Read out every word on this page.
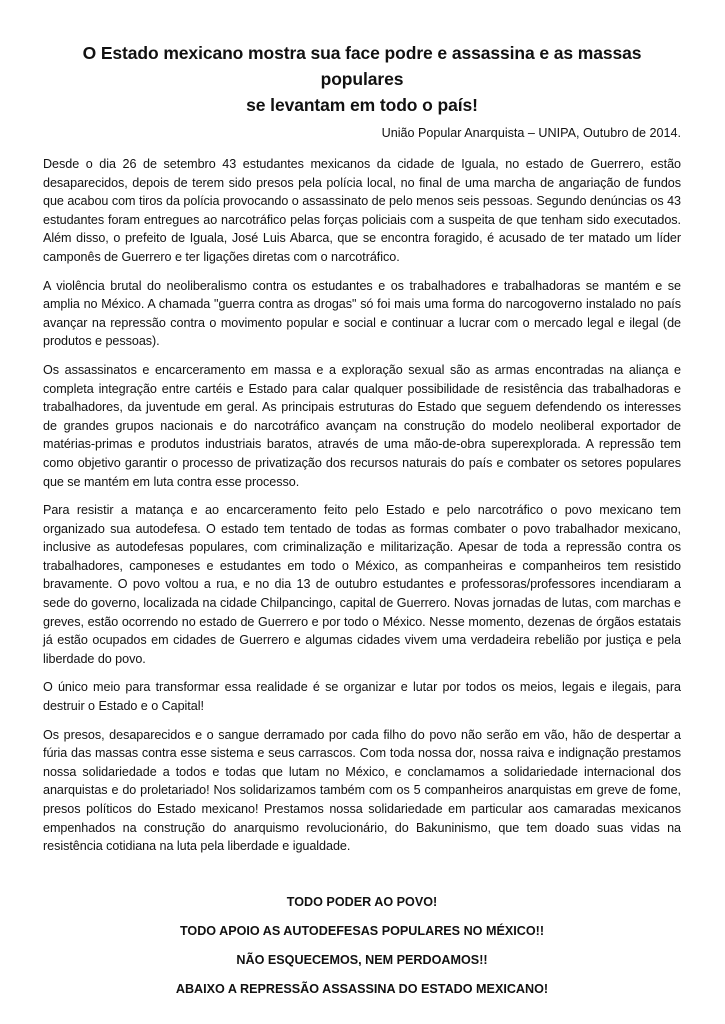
O Estado mexicano mostra sua face podre e assassina e as massas populares
se levantam em todo o país!

União Popular Anarquista – UNIPA, Outubro de 2014.

Desde o dia 26 de setembro 43 estudantes mexicanos da cidade de Iguala, no estado de Guerrero, estão desaparecidos, depois de terem sido presos pela polícia local, no final de uma marcha de angariação de fundos que acabou com tiros da polícia provocando o assassinato de pelo menos seis pessoas. Segundo denúncias os 43 estudantes foram entregues ao narcotráfico pelas forças policiais com a suspeita de que tenham sido executados. Além disso, o prefeito de Iguala, José Luis Abarca, que se encontra foragido, é acusado de ter matado um líder camponês de Guerrero e ter ligações diretas com o narcotráfico.

A violência brutal do neoliberalismo contra os estudantes e os trabalhadores e trabalhadoras se mantém e se amplia no México. A chamada "guerra contra as drogas" só foi mais uma forma do narcogoverno instalado no país avançar na repressão contra o movimento popular e social e continuar a lucrar com o mercado legal e ilegal (de produtos e pessoas).

Os assassinatos e encarceramento em massa e a exploração sexual são as armas encontradas na aliança e completa integração entre cartéis e Estado para calar qualquer possibilidade de resistência das trabalhadoras e trabalhadores, da juventude em geral. As principais estruturas do Estado que seguem defendendo os interesses de grandes grupos nacionais e do narcotráfico avançam na construção do modelo neoliberal exportador de matérias-primas e produtos industriais baratos, através de uma mão-de-obra superexplorada. A repressão tem como objetivo garantir o processo de privatização dos recursos naturais do país e combater os setores populares que se mantém em luta contra esse processo.

Para resistir a matança e ao encarceramento feito pelo Estado e pelo narcotráfico o povo mexicano tem organizado sua autodefesa. O estado tem tentado de todas as formas combater o povo trabalhador mexicano, inclusive as autodefesas populares, com criminalização e militarização. Apesar de toda a repressão contra os trabalhadores, camponeses e estudantes em todo o México, as companheiras e companheiros tem resistido bravamente. O povo voltou a rua, e no dia 13 de outubro estudantes e professoras/professores incendiaram a sede do governo, localizada na cidade Chilpancingo, capital de Guerrero. Novas jornadas de lutas, com marchas e greves, estão ocorrendo no estado de Guerrero e por todo o México. Nesse momento, dezenas de órgãos estatais já estão ocupados em cidades de Guerrero e algumas cidades vivem uma verdadeira rebelião por justiça e pela liberdade do povo.

O único meio para transformar essa realidade é se organizar e lutar por todos os meios, legais e ilegais, para destruir o Estado e o Capital!

Os presos, desaparecidos e o sangue derramado por cada filho do povo não serão em vão, hão de despertar a fúria das massas contra esse sistema e seus carrascos. Com toda nossa dor, nossa raiva e indignação prestamos nossa solidariedade a todos e todas que lutam no México, e conclamamos a solidariedade internacional dos anarquistas e do proletariado! Nos solidarizamos também com os 5 companheiros anarquistas em greve de fome, presos políticos do Estado mexicano! Prestamos nossa solidariedade em particular aos camaradas mexicanos empenhados na construção do anarquismo revolucionário, do Bakuninismo, que tem doado suas vidas na resistência cotidiana na luta pela liberdade e igualdade.

TODO PODER AO POVO!

TODO APOIO AS AUTODEFESAS POPULARES NO MÉXICO!!

NÃO ESQUECEMOS, NEM PERDOAMOS!!

ABAIXO A REPRESSÃO ASSASSINA DO ESTADO MEXICANO!
